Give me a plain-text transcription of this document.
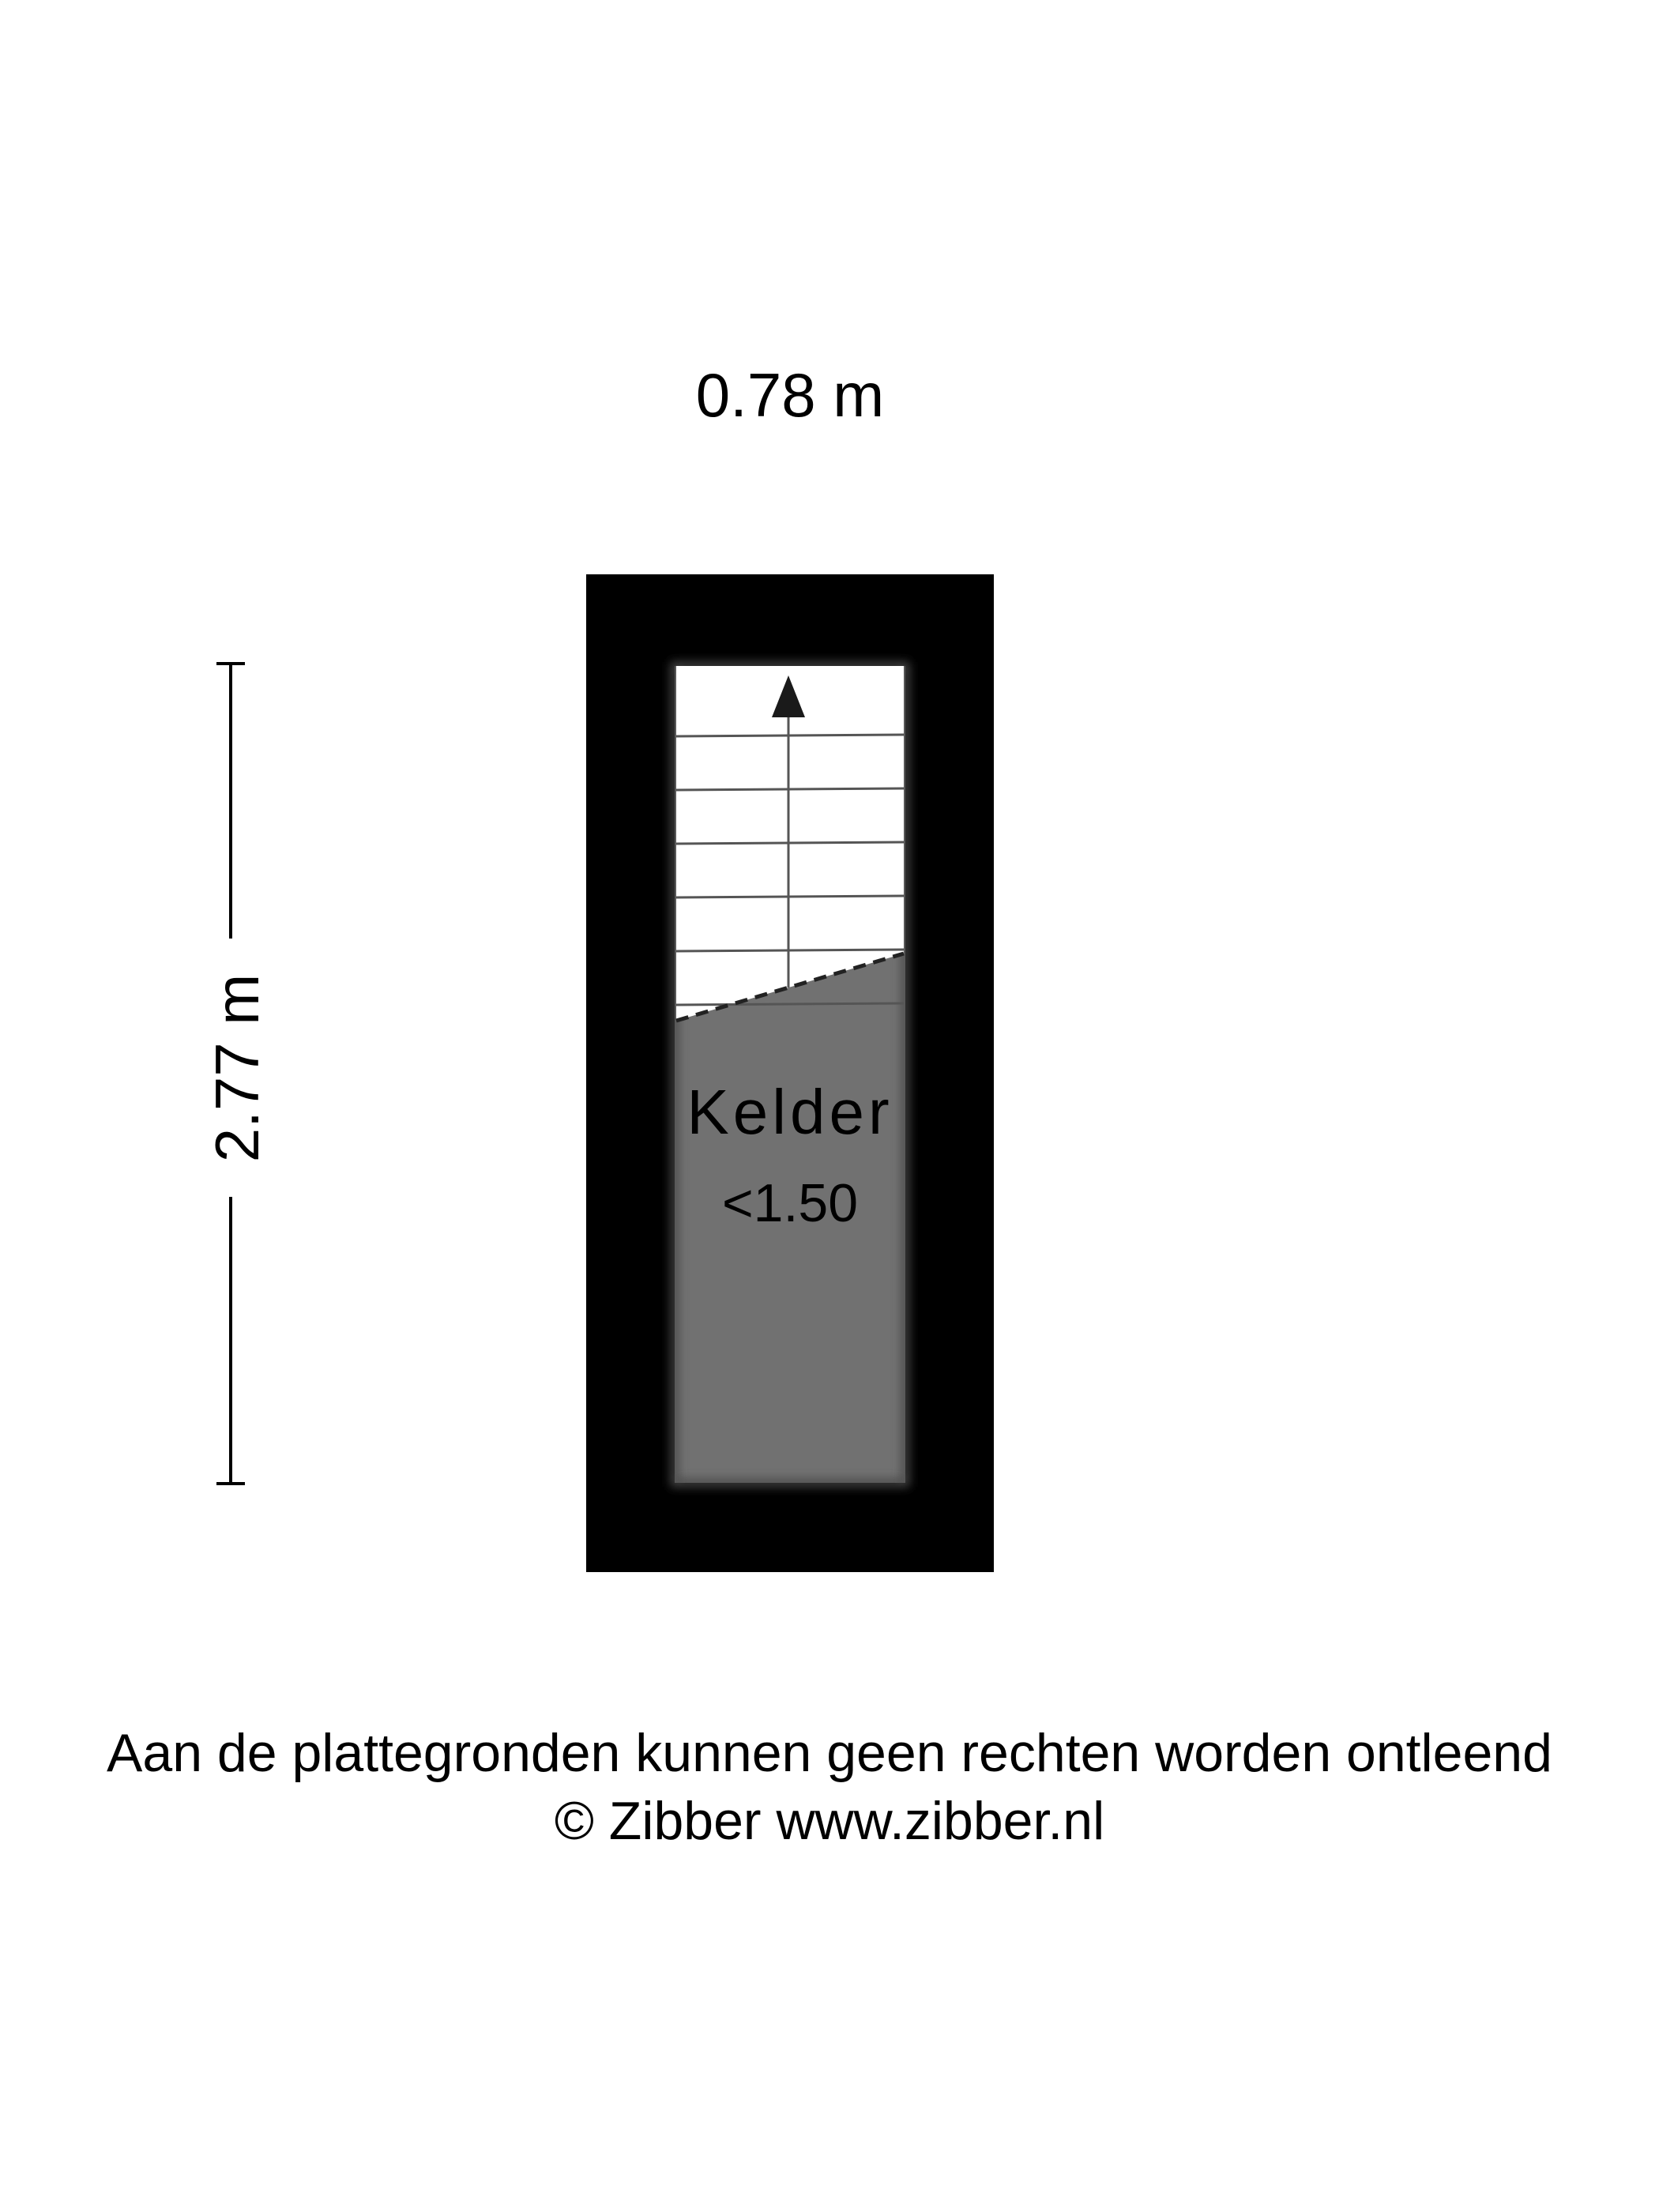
0.78 m
2.77 m	Kelder
<1.50
Aan de plattegronden kunnen geen rechten worden ontleend
© Zibber www.zibber.nl
